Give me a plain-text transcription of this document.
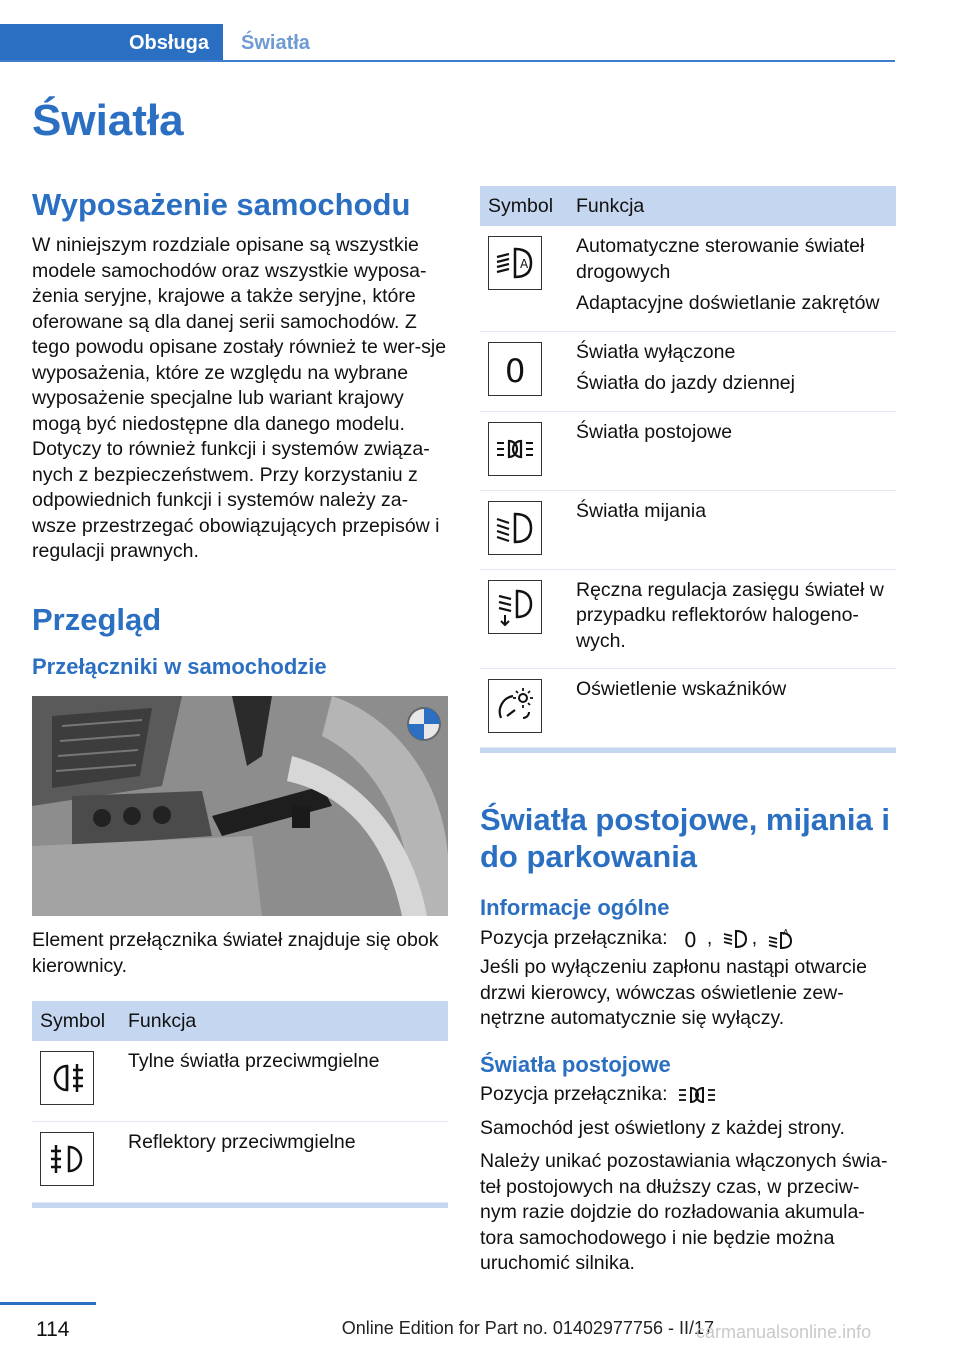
Obsługa	Światła
Światła
Wyposażenie samochodu

W niniejszym rozdziale opisane są wszystkie modele samochodów oraz wszystkie wyposa-żenia seryjne, krajowe a także seryjne, które oferowane są dla danej serii samochodów. Z tego powodu opisane zostały również te wer-sje wyposażenia, które ze względu na wybrane wyposażenie specjalne lub wariant krajowy mogą być niedostępne dla danego modelu. Dotyczy to również funkcji i systemów związa-nych z bezpieczeństwem. Przy korzystaniu z odpowiednich funkcji i systemów należy za-wsze przestrzegać obowiązujących przepisów i regulacji prawnych.

Przegląd
Przełączniki w samochodzie

Element przełącznika świateł znajduje się obok kierownicy.

Symbol	Funkcja

	Tylne światła przeciwmgielne

	Reflektory przeciwmgielne
Symbol	Funkcja

A	Automatyczne sterowanie świateł drogowych
Adaptacyjne doświetlanie zakrętów

0	Światła wyłączone
Światła do jazdy dziennej

Światła postojowe

Światła mijania

Ręczna regulacja zasięgu świateł w przypadku reflektorów halogeno-wych.

Oświetlenie wskaźników
Światła postojowe, mijania i do parkowania
Informacje ogólne

Pozycja przełącznika: 0 , ,	A

Jeśli po wyłączeniu zapłonu nastąpi otwarcie drzwi kierowcy, wówczas oświetlenie zew-nętrzne automatycznie się wyłączy.

Światła postojowe

Pozycja przełącznika:

Samochód jest oświetlony z każdej strony.

Należy unikać pozostawiania włączonych świa-teł postojowych na dłuższy czas, w przeciw-nym razie dojdzie do rozładowania akumula-tora samochodowego i nie będzie można uruchomić silnika.

114	Online Edition for Part no. 01402977756 - II/17
carmanualsonline.info
